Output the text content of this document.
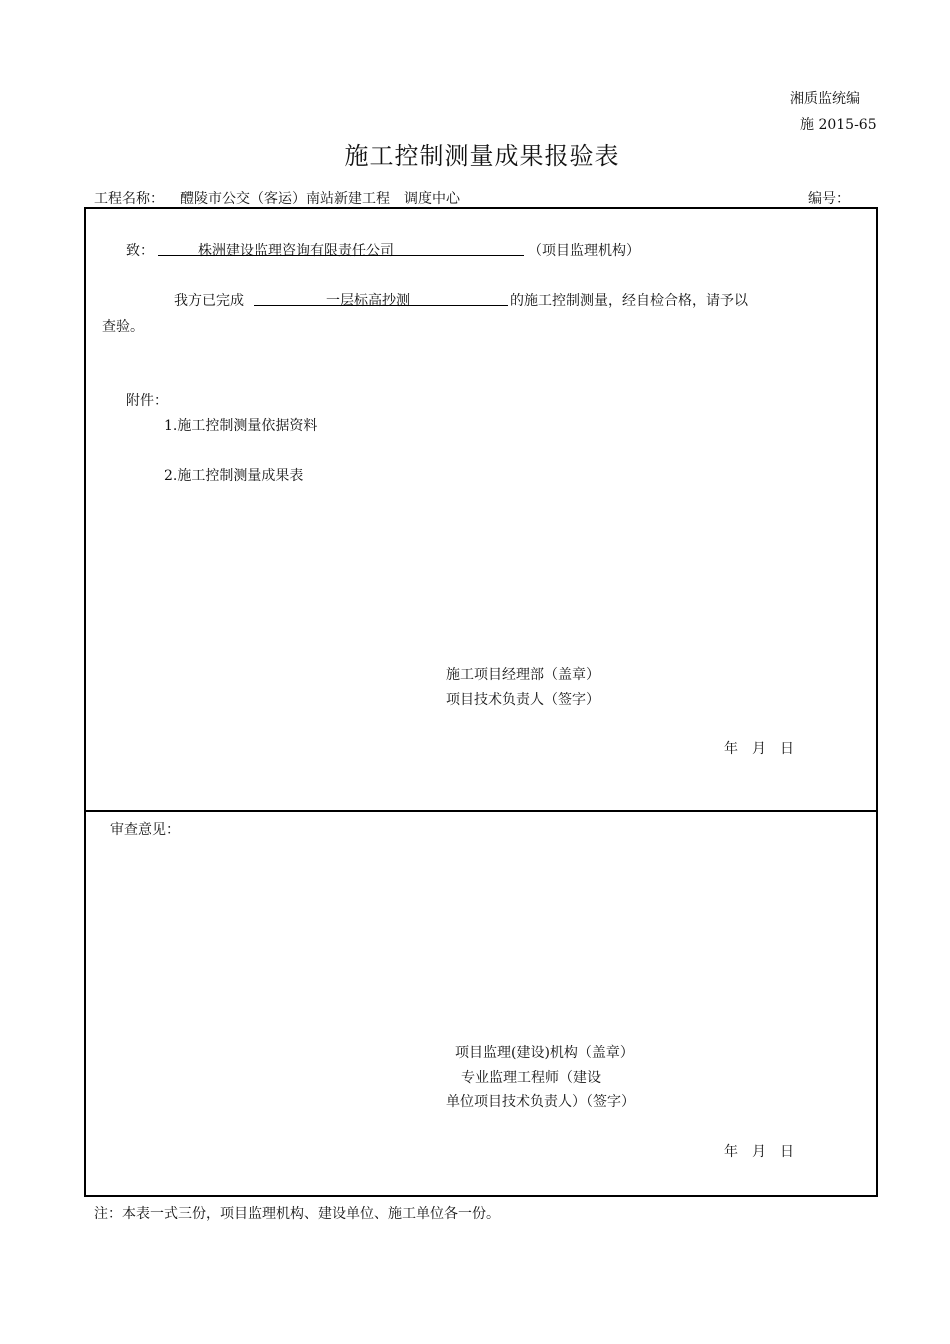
湘质监统编
施 2015-65
施工控制测量成果报验表
工程名称： 醴陵市公交（客运）南站新建工程　调度中心	编号：
致：	株洲建设监理咨询有限责任公司	（项目监理机构）
我方已完成	一层标高抄测	的施工控制测量，经自检合格，请予以
查验。
附件：
1.施工控制测量依据资料
2.施工控制测量成果表
施工项目经理部（盖章）
项目技术负责人（签字）
年　月　日
审查意见：
项目监理(建设)机构（盖章）
专业监理工程师（建设
单位项目技术负责人）（签字）
年　月　日
注：本表一式三份，项目监理机构、建设单位、施工单位各一份。
